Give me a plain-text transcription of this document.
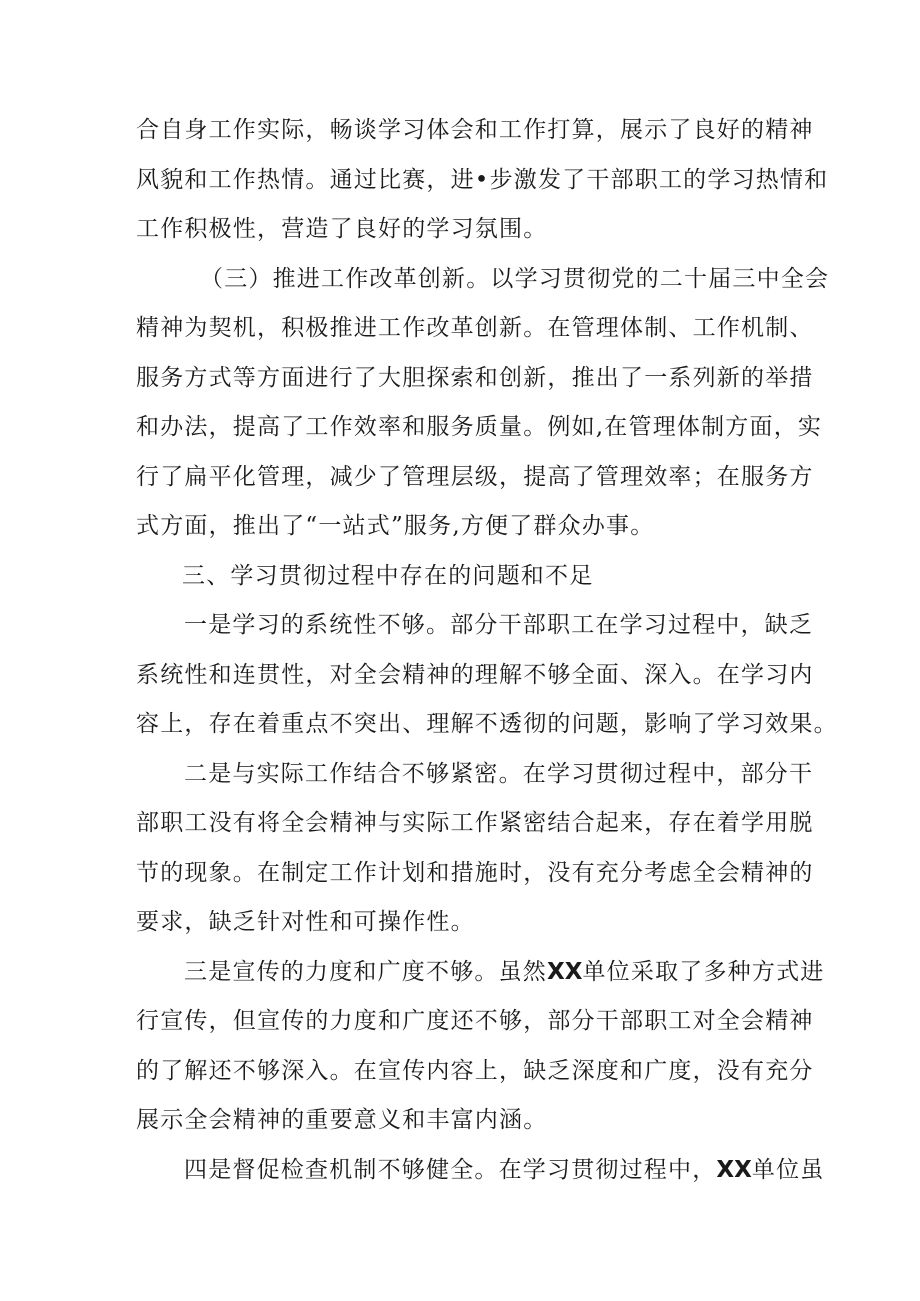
合自身工作实际，畅谈学习体会和工作打算，展示了良好的精神
风貌和工作热情。通过比赛，进•步激发了干部职工的学习热情和
工作积极性，营造了良好的学习氛围。
（三）推进工作改革创新。以学习贯彻党的二十届三中全会
精神为契机，积极推进工作改革创新。在管理体制、工作机制、
服务方式等方面进行了大胆探索和创新，推出了一系列新的举措
和办法，提高了工作效率和服务质量。例如,在管理体制方面，实
行了扁平化管理，减少了管理层级，提高了管理效率；在服务方
式方面，推出了“一站式”服务,方便了群众办事。
三、学习贯彻过程中存在的问题和不足
一是学习的系统性不够。部分干部职工在学习过程中，缺乏
系统性和连贯性，对全会精神的理解不够全面、深入。在学习内
容上，存在着重点不突出、理解不透彻的问题，影响了学习效果。
二是与实际工作结合不够紧密。在学习贯彻过程中，部分干
部职工没有将全会精神与实际工作紧密结合起来，存在着学用脱
节的现象。在制定工作计划和措施时，没有充分考虑全会精神的
要求，缺乏针对性和可操作性。
三是宣传的力度和广度不够。虽然XX单位采取了多种方式进
行宣传，但宣传的力度和广度还不够，部分干部职工对全会精神
的了解还不够深入。在宣传内容上，缺乏深度和广度，没有充分
展示全会精神的重要意义和丰富内涵。
四是督促检查机制不够健全。在学习贯彻过程中，XX单位虽
